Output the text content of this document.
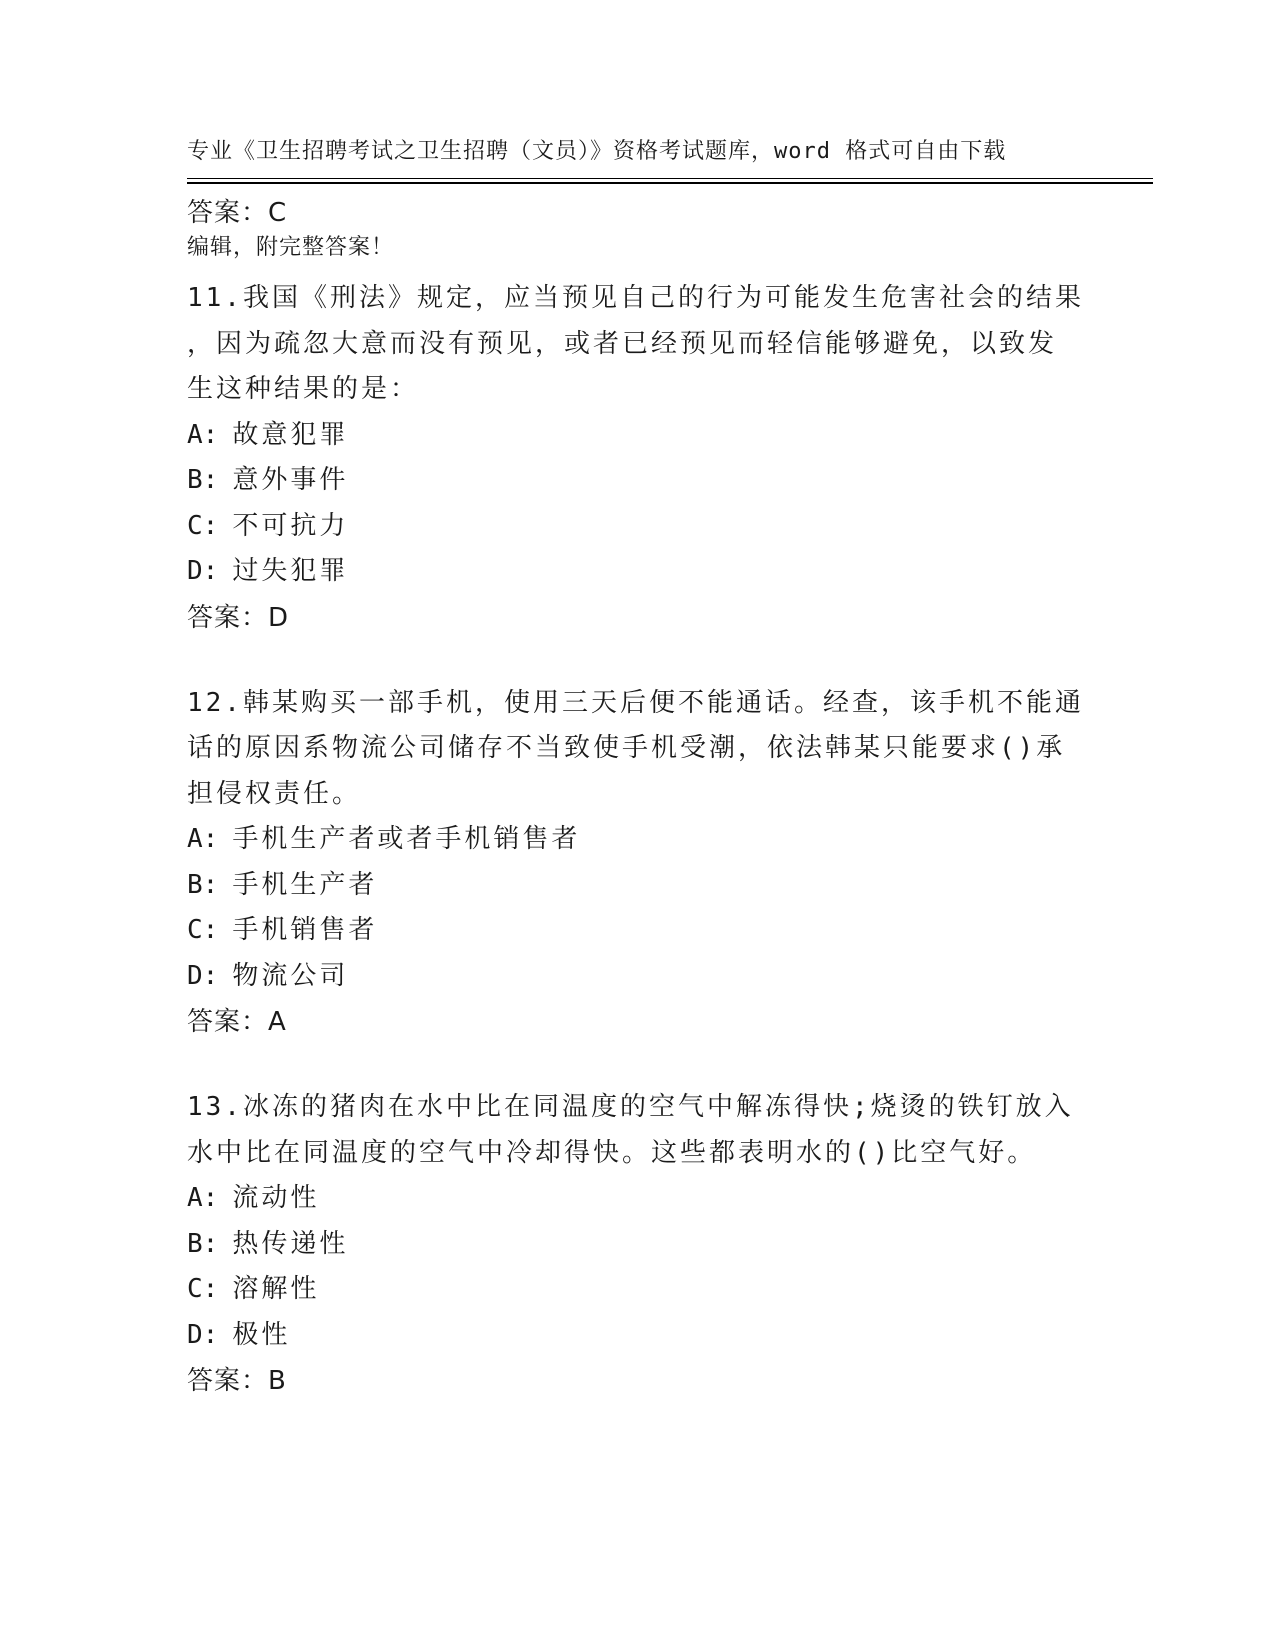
专业《卫生招聘考试之卫生招聘（文员）》资格考试题库，word 格式可自由下载

编辑，附完整答案！

答案：C
11.我国《刑法》规定，应当预见自己的行为可能发生危害社会的结果
，因为疏忽大意而没有预见，或者已经预见而轻信能够避免，以致发
生这种结果的是：
A: 故意犯罪
B: 意外事件
C: 不可抗力
D: 过失犯罪
答案：D
12.韩某购买一部手机，使用三天后便不能通话。经查，该手机不能通
话的原因系物流公司储存不当致使手机受潮，依法韩某只能要求()承
担侵权责任。
A: 手机生产者或者手机销售者
B: 手机生产者
C: 手机销售者
D: 物流公司
答案：A
13.冰冻的猪肉在水中比在同温度的空气中解冻得快;烧烫的铁钉放入
水中比在同温度的空气中冷却得快。这些都表明水的()比空气好。
A: 流动性
B: 热传递性
C: 溶解性
D: 极性
答案：B
